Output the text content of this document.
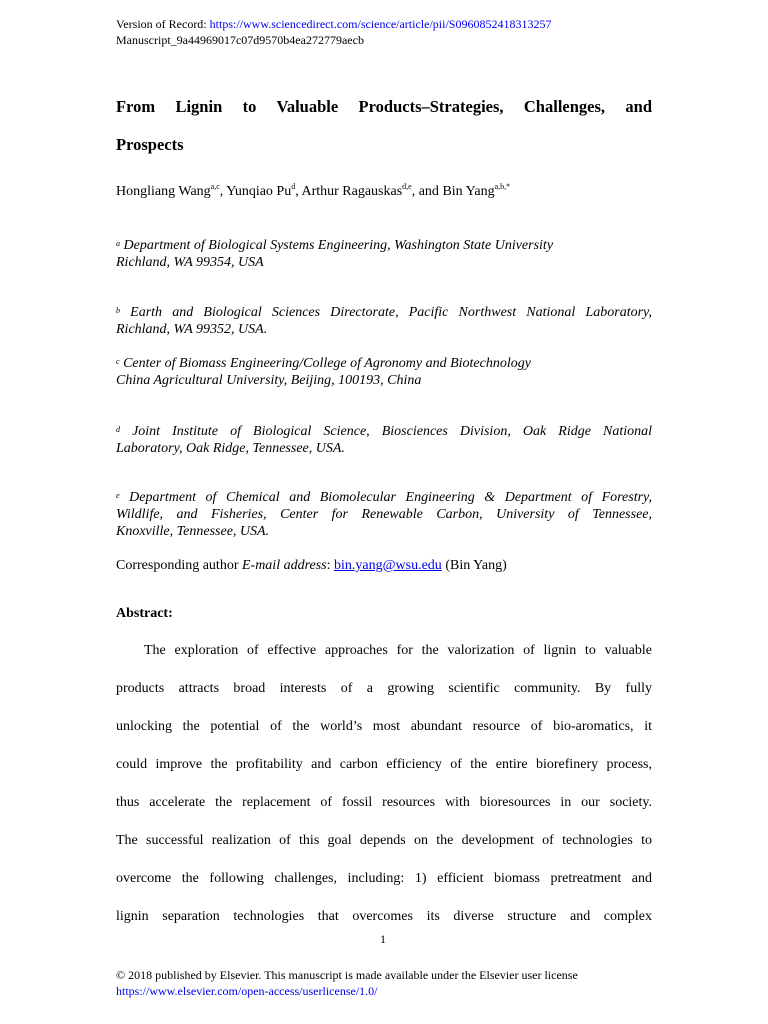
Version of Record: https://www.sciencedirect.com/science/article/pii/S0960852418313257
Manuscript_9a44969017c07d9570b4ea272779aecb
From Lignin to Valuable Products–Strategies, Challenges, and
Prospects
Hongliang Wang$^{a,c}$, Yunqiao Pu$^d$, Arthur Ragauskas$^{d,e}$, and Bin Yang$^{a,b,*}$
$^a$ Department of Biological Systems Engineering, Washington State University
Richland, WA 99354, USA
$^b$ Earth and Biological Sciences Directorate, Pacific Northwest National Laboratory,
Richland, WA 99352, USA.
$^c$ Center of Biomass Engineering/College of Agronomy and Biotechnology
China Agricultural University, Beijing, 100193, China
$^d$ Joint Institute of Biological Science, Biosciences Division, Oak Ridge National
Laboratory, Oak Ridge, Tennessee, USA.
$^e$ Department of Chemical and Biomolecular Engineering & Department of Forestry,
Wildlife, and Fisheries, Center for Renewable Carbon, University of Tennessee,
Knoxville, Tennessee, USA.
Corresponding author E-mail address: bin.yang@wsu.edu (Bin Yang)
Abstract:
The exploration of effective approaches for the valorization of lignin to valuable
products attracts broad interests of a growing scientific community. By fully
unlocking the potential of the world’s most abundant resource of bio-aromatics, it
could improve the profitability and carbon efficiency of the entire biorefinery process,
thus accelerate the replacement of fossil resources with bioresources in our society.
The successful realization of this goal depends on the development of technologies to
overcome the following challenges, including: 1) efficient biomass pretreatment and
lignin separation technologies that overcomes its diverse structure and complex
1
© 2018 published by Elsevier. This manuscript is made available under the Elsevier user license
https://www.elsevier.com/open-access/userlicense/1.0/
